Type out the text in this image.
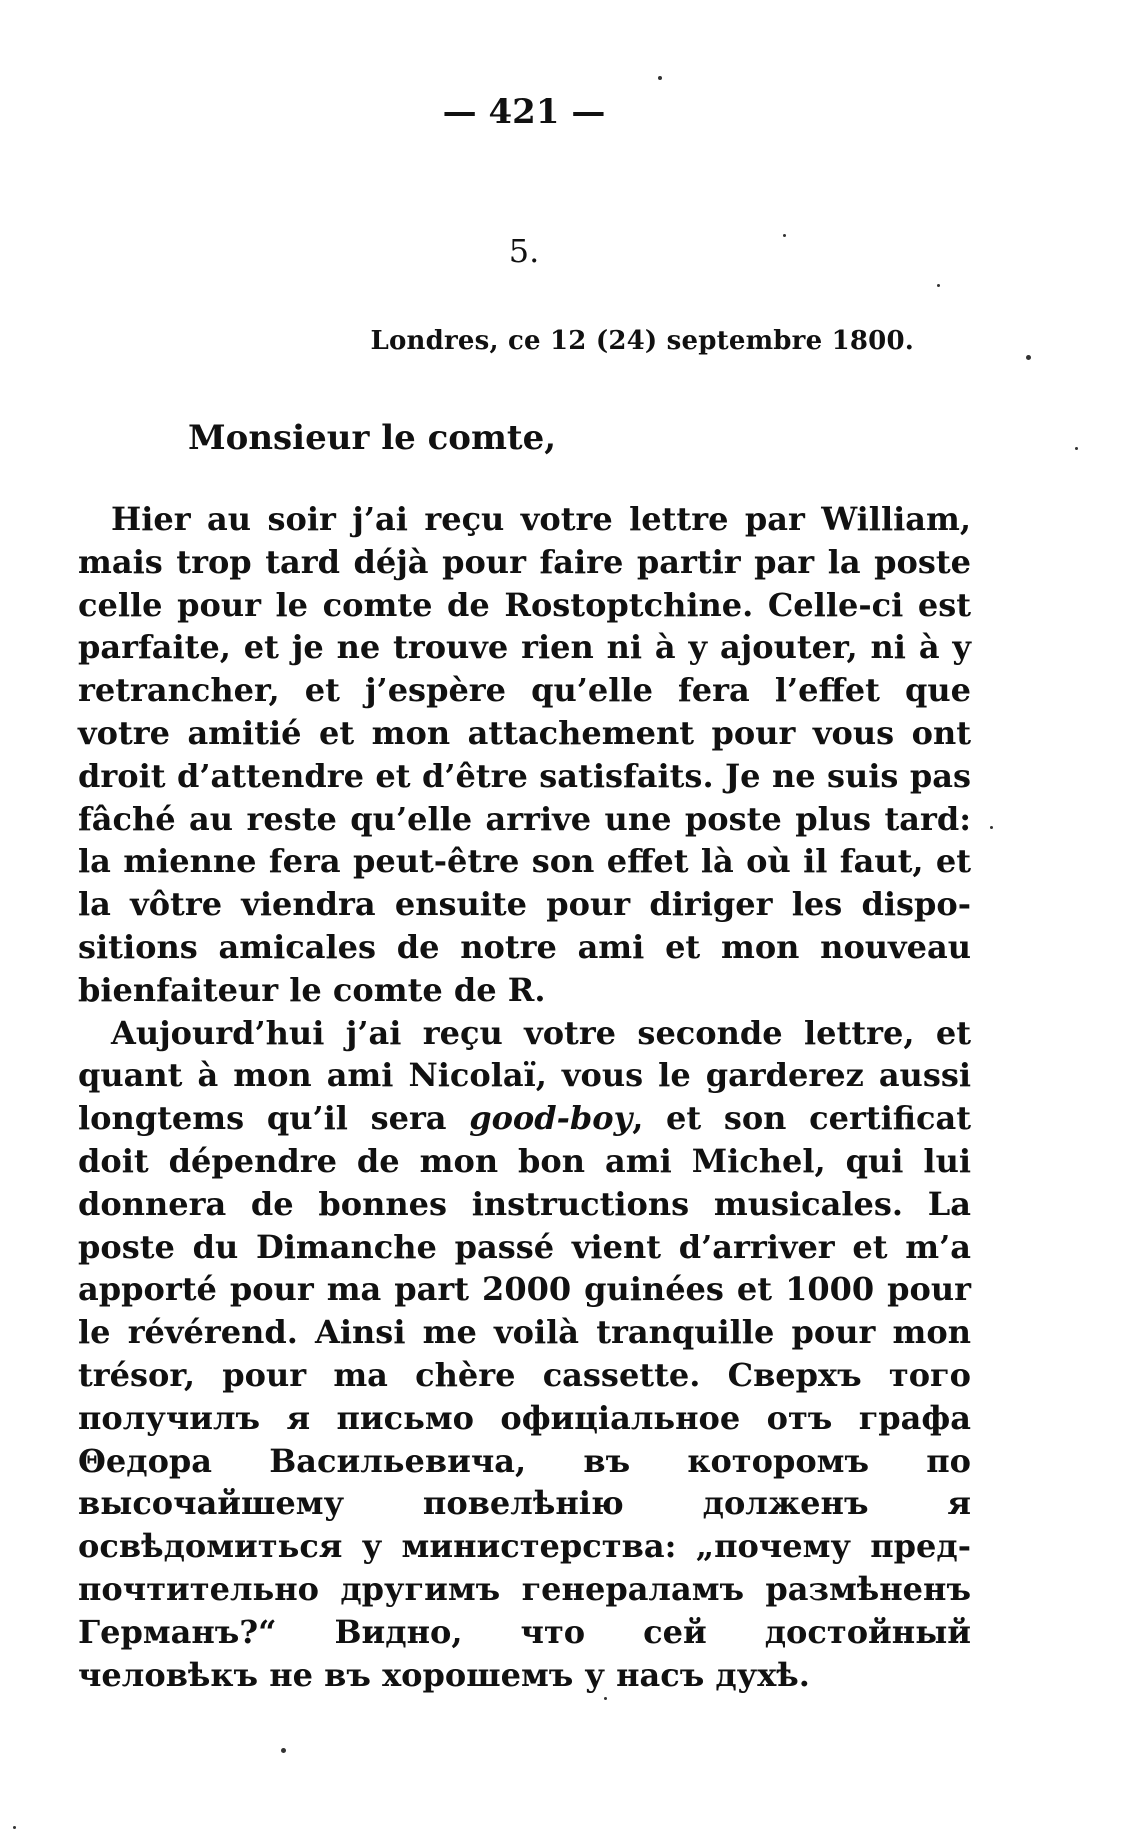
— 421 —
5.
Londres, ce 12 (24) septembre 1800.
Monsieur le comte,

Hier au soir j’ai reçu votre lettre par William, mais trop tard déjà pour faire partir par la poste celle pour le comte de Rostoptchine. Celle-ci est parfaite, et je ne trouve rien ni à y ajouter, ni à y retrancher, et j’espère qu’elle fera l’effet que votre amitié et mon attachement pour vous ont droit d’attendre et d’être satisfaits. Je ne suis pas fâché au reste qu’elle arrive une poste plus tard: la mienne fera peut-être son effet là où il faut, et la vôtre viendra ensuite pour diriger les dispositions amicales de notre ami et mon nouveau bienfaiteur le comte de R.

Aujourd’hui j’ai reçu votre seconde lettre, et quant à mon ami Nicolaï, vous le garderez aussi longtems qu’il sera good-boy, et son certificat doit dépendre de mon bon ami Michel, qui lui donnera de bonnes instructions musicales. La poste du Dimanche passé vient d’arriver et m’a apporté pour ma part 2000 guinées et 1000 pour le révérend. Ainsi me voilà tranquille pour mon trésor, pour ma chère cassette. Сверхъ того получилъ я письмо офиціальное отъ графа Θедора Васильевича, въ которомъ по высочайшему повелѣнію долженъ я освѣдомиться у министерства: „почему предпочтительно другимъ генераламъ размѣненъ Германъ?“ Видно, что сей достойный человѣкъ не въ хорошемъ у насъ духѣ.
